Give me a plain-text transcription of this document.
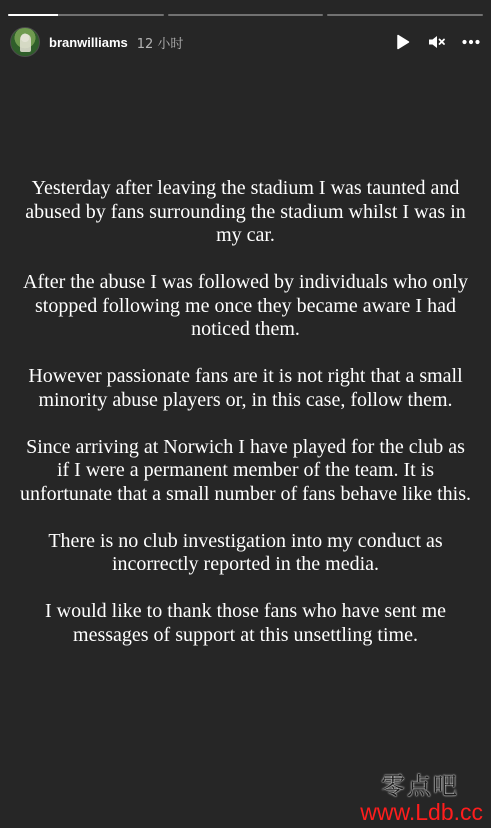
branwilliams 12 小时

Yesterday after leaving the stadium I was taunted and abused by fans surrounding the stadium whilst I was in my car.

After the abuse I was followed by individuals who only stopped following me once they became aware I had noticed them.

However passionate fans are it is not right that a small minority abuse players or, in this case, follow them.

Since arriving at Norwich I have played for the club as if I were a permanent member of the team. It is unfortunate that a small number of fans behave like this.

There is no club investigation into my conduct as incorrectly reported in the media.

I would like to thank those fans who have sent me messages of support at this unsettling time.

零点吧
www.Ldb.cc
